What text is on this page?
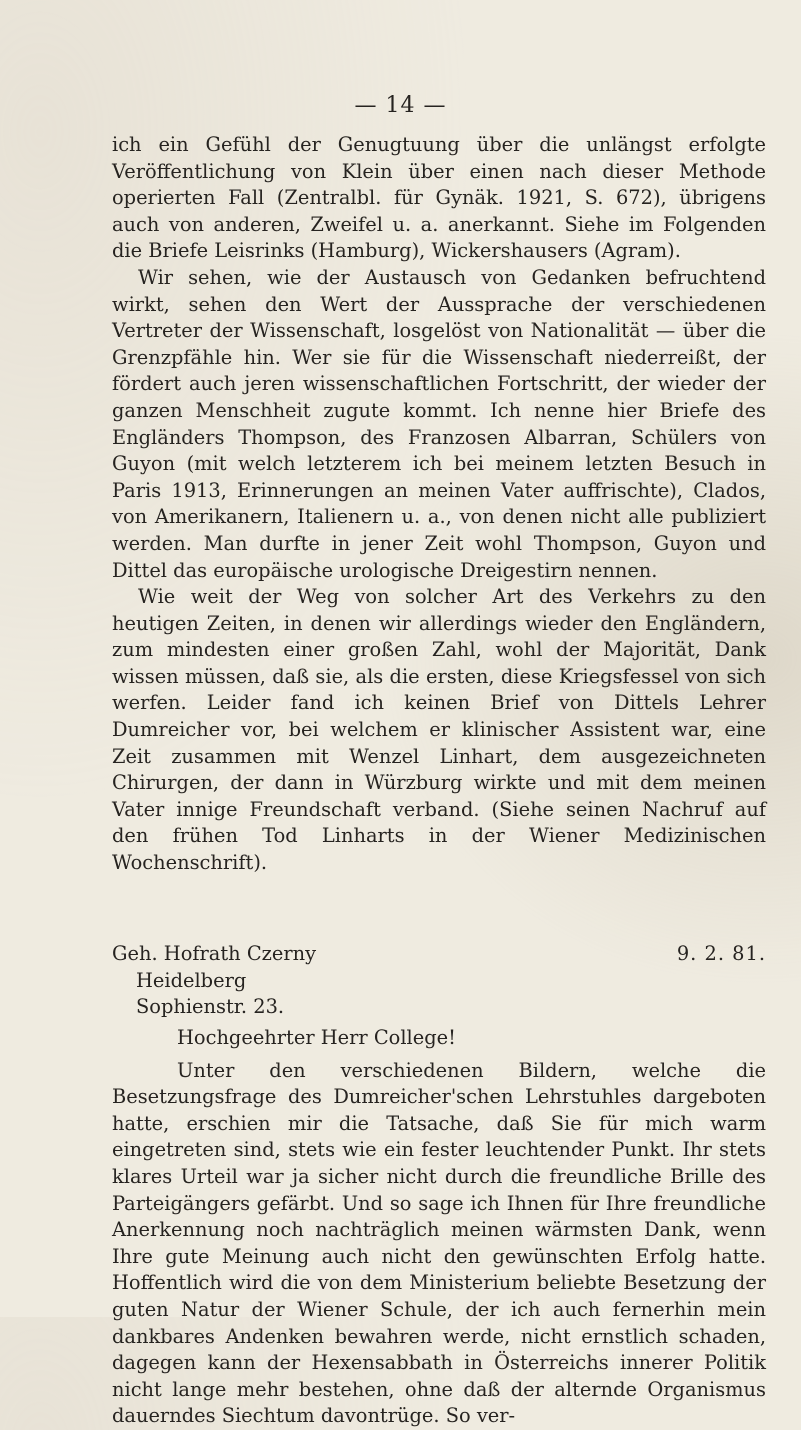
— 14 —

ich ein Gefühl der Genugtuung über die unlängst erfolgte Veröffentlichung von Klein über einen nach dieser Methode operierten Fall (Zentralbl. für Gynäk. 1921, S. 672), übrigens auch von anderen, Zweifel u. a. anerkannt. Siehe im Folgenden die Briefe Leisrinks (Hamburg), Wickershausers (Agram).

Wir sehen, wie der Austausch von Gedanken befruchtend wirkt, sehen den Wert der Aussprache der verschiedenen Vertreter der Wissenschaft, losgelöst von Nationalität — über die Grenzpfähle hin. Wer sie für die Wissenschaft niederreißt, der fördert auch jeren wissenschaftlichen Fortschritt, der wieder der ganzen Menschheit zugute kommt. Ich nenne hier Briefe des Engländers Thompson, des Franzosen Albarran, Schülers von Guyon (mit welch letzterem ich bei meinem letzten Besuch in Paris 1913, Erinnerungen an meinen Vater auffrischte), Clados, von Amerikanern, Italienern u. a., von denen nicht alle publiziert werden. Man durfte in jener Zeit wohl Thompson, Guyon und Dittel das europäische urologische Dreigestirn nennen.

Wie weit der Weg von solcher Art des Verkehrs zu den heutigen Zeiten, in denen wir allerdings wieder den Engländern, zum mindesten einer großen Zahl, wohl der Majorität, Dank wissen müssen, daß sie, als die ersten, diese Kriegsfessel von sich werfen. Leider fand ich keinen Brief von Dittels Lehrer Dumreicher vor, bei welchem er klinischer Assistent war, eine Zeit zusammen mit Wenzel Linhart, dem ausgezeichneten Chirurgen, der dann in Würzburg wirkte und mit dem meinen Vater innige Freundschaft verband. (Siehe seinen Nachruf auf den frühen Tod Linharts in der Wiener Medizinischen Wochenschrift).

Geh. Hofrath Czerny
Heidelberg
Sophienstr. 23.
9. 2. 81.

Hochgeehrter Herr College!

Unter den verschiedenen Bildern, welche die Besetzungsfrage des Dumreicher'schen Lehrstuhles dargeboten hatte, erschien mir die Tatsache, daß Sie für mich warm eingetreten sind, stets wie ein fester leuchtender Punkt. Ihr stets klares Urteil war ja sicher nicht durch die freundliche Brille des Parteigängers gefärbt. Und so sage ich Ihnen für Ihre freundliche Anerkennung noch nachträglich meinen wärmsten Dank, wenn Ihre gute Meinung auch nicht den gewünschten Erfolg hatte. Hoffentlich wird die von dem Ministerium beliebte Besetzung der guten Natur der Wiener Schule, der ich auch fernerhin mein dankbares Andenken bewahren werde, nicht ernstlich schaden, dagegen kann der Hexensabbath in Österreichs innerer Politik nicht lange mehr bestehen, ohne daß der alternde Organismus dauerndes Siechtum davontrüge. So ver-
